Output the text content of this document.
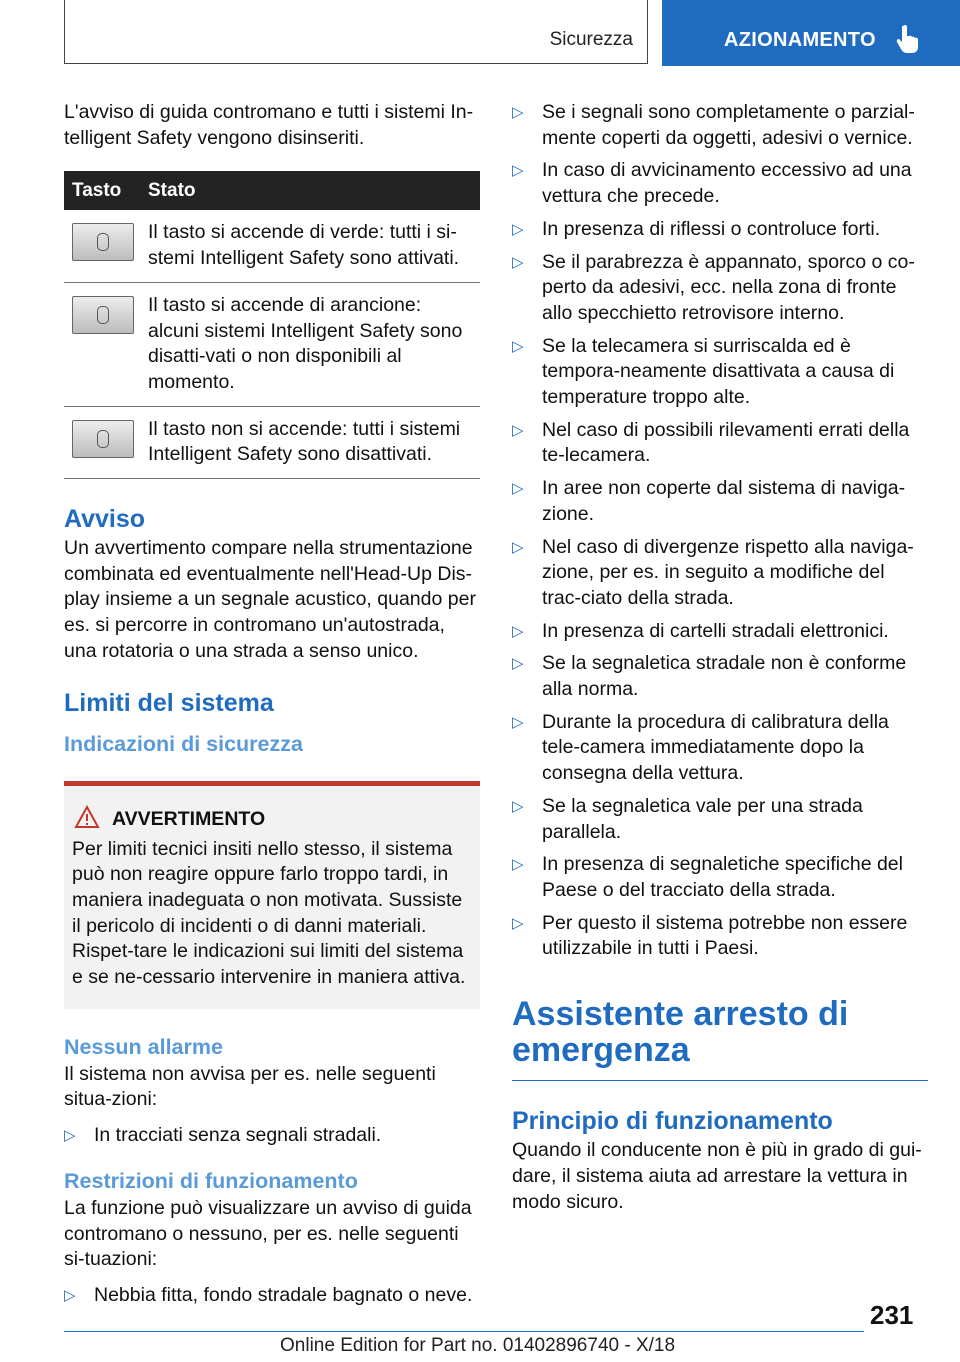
Sicurezza	AZIONAMENTO

L'avviso di guida contromano e tutti i sistemi In-telligent Safety vengono disinseriti.

Tasto	Stato

	Il tasto si accende di verde: tutti i si-stemi Intelligent Safety sono attivati.

	Il tasto si accende di arancione: alcuni sistemi Intelligent Safety sono disatti-vati o non disponibili al momento.

	Il tasto non si accende: tutti i sistemi Intelligent Safety sono disattivati.
Avviso

Un avvertimento compare nella strumentazione combinata ed eventualmente nell'Head-Up Dis-play insieme a un segnale acustico, quando per es. si percorre in contromano un'autostrada, una rotatoria o una strada a senso unico.

Limiti del sistema
Indicazioni di sicurezza
AVVERTIMENTO

Per limiti tecnici insiti nello stesso, il sistema può non reagire oppure farlo troppo tardi, in maniera inadeguata o non motivata. Sussiste il pericolo di incidenti o di danni materiali. Rispet-tare le indicazioni sui limiti del sistema e se ne-cessario intervenire in maniera attiva.

Nessun allarme

Il sistema non avvisa per es. nelle seguenti situa-zioni:

▷ In tracciati senza segnali stradali.
Restrizioni di funzionamento

La funzione può visualizzare un avviso di guida contromano o nessuno, per es. nelle seguenti si-tuazioni:

▷ Nebbia fitta, fondo stradale bagnato o neve.
▷ Se i segnali sono completamente o parzial-mente coperti da oggetti, adesivi o vernice.
▷ In caso di avvicinamento eccessivo ad una vettura che precede.
▷ In presenza di riflessi o controluce forti.
▷ Se il parabrezza è appannato, sporco o co-perto da adesivi, ecc. nella zona di fronte allo specchietto retrovisore interno.
▷ Se la telecamera si surriscalda ed è tempora-neamente disattivata a causa di temperature troppo alte.
▷ Nel caso di possibili rilevamenti errati della te-lecamera.
▷ In aree non coperte dal sistema di naviga-zione.
▷ Nel caso di divergenze rispetto alla naviga-zione, per es. in seguito a modifiche del trac-ciato della strada.
▷ In presenza di cartelli stradali elettronici.
▷ Se la segnaletica stradale non è conforme alla norma.
▷ Durante la procedura di calibratura della tele-camera immediatamente dopo la consegna della vettura.
▷ Se la segnaletica vale per una strada parallela.
▷ In presenza di segnaletiche specifiche del Paese o del tracciato della strada.
▷ Per questo il sistema potrebbe non essere utilizzabile in tutti i Paesi.
Assistente arresto di emergenza
Principio di funzionamento

Quando il conducente non è più in grado di gui-dare, il sistema aiuta ad arrestare la vettura in modo sicuro.

231
Online Edition for Part no. 01402896740 - X/18
